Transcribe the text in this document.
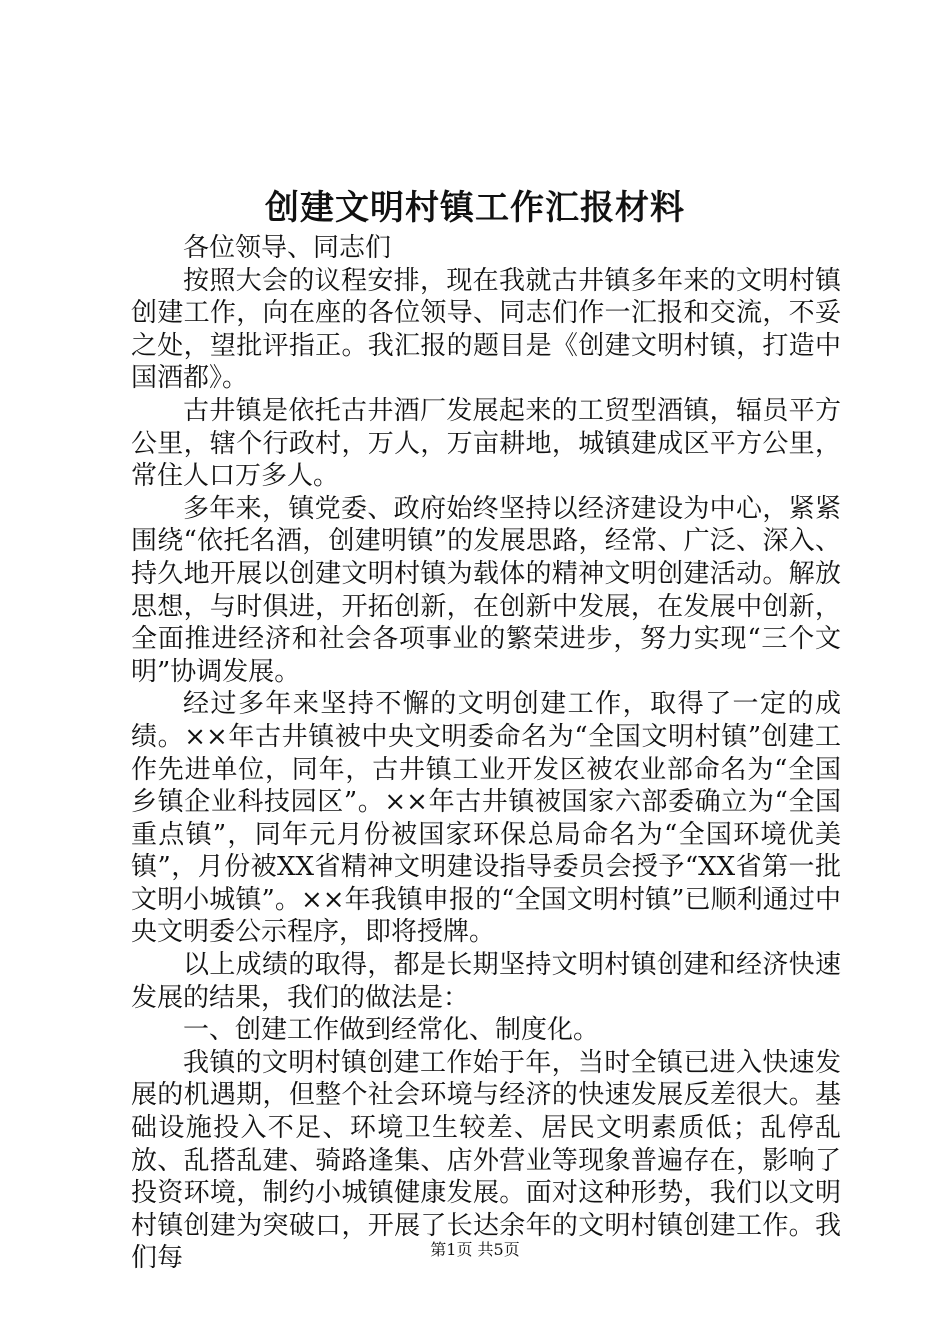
创建文明村镇工作汇报材料

各位领导、同志们

按照大会的议程安排，现在我就古井镇多年来的文明村镇创建工作，向在座的各位领导、同志们作一汇报和交流，不妥之处，望批评指正。我汇报的题目是《创建文明村镇，打造中国酒都》。

古井镇是依托古井酒厂发展起来的工贸型酒镇，辐员平方公里，辖个行政村，万人，万亩耕地，城镇建成区平方公里，常住人口万多人。

多年来，镇党委、政府始终坚持以经济建设为中心，紧紧围绕“依托名酒，创建明镇”的发展思路，经常、广泛、深入、持久地开展以创建文明村镇为载体的精神文明创建活动。解放思想，与时俱进，开拓创新，在创新中发展，在发展中创新，全面推进经济和社会各项事业的繁荣进步，努力实现“三个文明”协调发展。

经过多年来坚持不懈的文明创建工作，取得了一定的成绩。××年古井镇被中央文明委命名为“全国文明村镇”创建工作先进单位，同年，古井镇工业开发区被农业部命名为“全国乡镇企业科技园区”。××年古井镇被国家六部委确立为“全国重点镇”，同年元月份被国家环保总局命名为“全国环境优美镇”，月份被XX省精神文明建设指导委员会授予“XX省第一批文明小城镇”。××年我镇申报的“全国文明村镇”已顺利通过中央文明委公示程序，即将授牌。

以上成绩的取得，都是长期坚持文明村镇创建和经济快速发展的结果，我们的做法是：

一、创建工作做到经常化、制度化。

我镇的文明村镇创建工作始于年，当时全镇已进入快速发展的机遇期，但整个社会环境与经济的快速发展反差很大。基础设施投入不足、环境卫生较差、居民文明素质低；乱停乱放、乱搭乱建、骑路逢集、店外营业等现象普遍存在，影响了投资环境，制约小城镇健康发展。面对这种形势，我们以文明村镇创建为突破口，开展了长达余年的文明村镇创建工作。我们每	第1页 共5页
